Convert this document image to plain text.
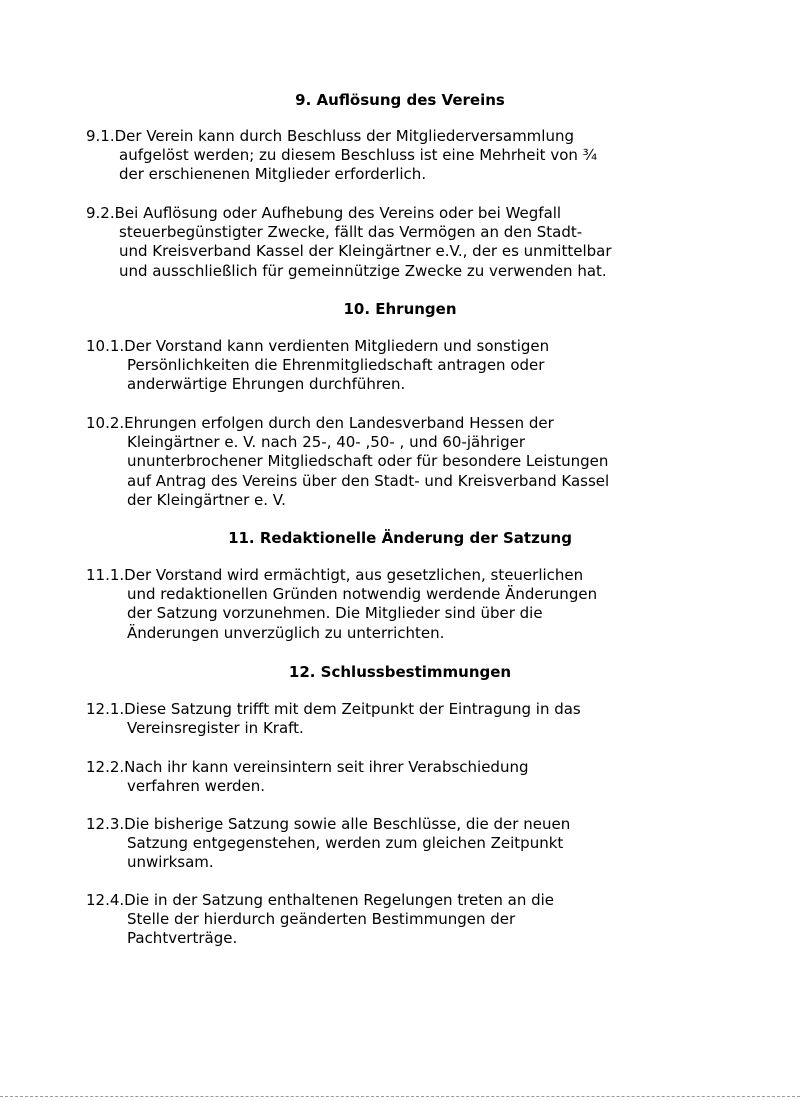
9. Auflösung des Vereins
9.1.Der Verein kann durch Beschluss der Mitgliederversammlung
aufgelöst werden; zu diesem Beschluss ist eine Mehrheit von ¾
der erschienenen Mitglieder erforderlich.
9.2.Bei Auflösung oder Aufhebung des Vereins oder bei Wegfall
steuerbegünstigter Zwecke, fällt das Vermögen an den Stadt-
und Kreisverband Kassel der Kleingärtner e.V., der es unmittelbar
und ausschließlich für gemeinnützige Zwecke zu verwenden hat.
10. Ehrungen
10.1.Der Vorstand kann verdienten Mitgliedern und sonstigen
Persönlichkeiten die Ehrenmitgliedschaft antragen oder
anderwärtige Ehrungen durchführen.
10.2.Ehrungen erfolgen durch den Landesverband Hessen der
Kleingärtner e. V. nach 25-, 40- ,50- , und 60-jähriger
ununterbrochener Mitgliedschaft oder für besondere Leistungen
auf Antrag des Vereins über den Stadt- und Kreisverband Kassel
der Kleingärtner e. V.
11. Redaktionelle Änderung der Satzung
11.1.Der Vorstand wird ermächtigt, aus gesetzlichen, steuerlichen
und redaktionellen Gründen notwendig werdende Änderungen
der Satzung vorzunehmen. Die Mitglieder sind über die
Änderungen unverzüglich zu unterrichten.
12. Schlussbestimmungen
12.1.Diese Satzung trifft mit dem Zeitpunkt der Eintragung in das
Vereinsregister in Kraft.
12.2.Nach ihr kann vereinsintern seit ihrer Verabschiedung
verfahren werden.
12.3.Die bisherige Satzung sowie alle Beschlüsse, die der neuen
Satzung entgegenstehen, werden zum gleichen Zeitpunkt
unwirksam.
12.4.Die in der Satzung enthaltenen Regelungen treten an die
Stelle der hierdurch geänderten Bestimmungen der
Pachtverträge.
